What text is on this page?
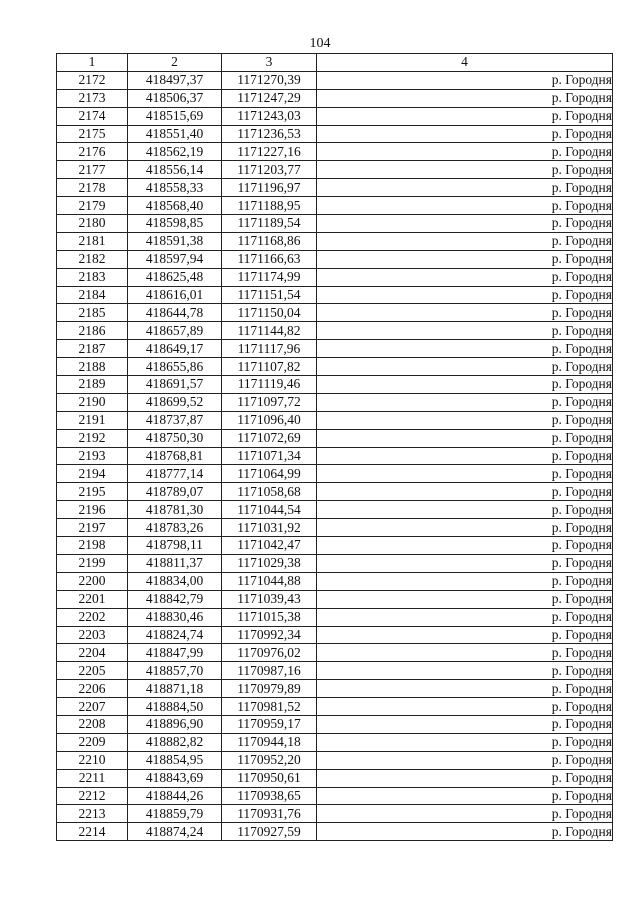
104
1	2	3	4
2172	418497,37	1171270,39	р. Городня
2173	418506,37	1171247,29	р. Городня
2174	418515,69	1171243,03	р. Городня
2175	418551,40	1171236,53	р. Городня
2176	418562,19	1171227,16	р. Городня
2177	418556,14	1171203,77	р. Городня
2178	418558,33	1171196,97	р. Городня
2179	418568,40	1171188,95	р. Городня
2180	418598,85	1171189,54	р. Городня
2181	418591,38	1171168,86	р. Городня
2182	418597,94	1171166,63	р. Городня
2183	418625,48	1171174,99	р. Городня
2184	418616,01	1171151,54	р. Городня
2185	418644,78	1171150,04	р. Городня
2186	418657,89	1171144,82	р. Городня
2187	418649,17	1171117,96	р. Городня
2188	418655,86	1171107,82	р. Городня
2189	418691,57	1171119,46	р. Городня
2190	418699,52	1171097,72	р. Городня
2191	418737,87	1171096,40	р. Городня
2192	418750,30	1171072,69	р. Городня
2193	418768,81	1171071,34	р. Городня
2194	418777,14	1171064,99	р. Городня
2195	418789,07	1171058,68	р. Городня
2196	418781,30	1171044,54	р. Городня
2197	418783,26	1171031,92	р. Городня
2198	418798,11	1171042,47	р. Городня
2199	418811,37	1171029,38	р. Городня
2200	418834,00	1171044,88	р. Городня
2201	418842,79	1171039,43	р. Городня
2202	418830,46	1171015,38	р. Городня
2203	418824,74	1170992,34	р. Городня
2204	418847,99	1170976,02	р. Городня
2205	418857,70	1170987,16	р. Городня
2206	418871,18	1170979,89	р. Городня
2207	418884,50	1170981,52	р. Городня
2208	418896,90	1170959,17	р. Городня
2209	418882,82	1170944,18	р. Городня
2210	418854,95	1170952,20	р. Городня
2211	418843,69	1170950,61	р. Городня
2212	418844,26	1170938,65	р. Городня
2213	418859,79	1170931,76	р. Городня
2214	418874,24	1170927,59	р. Городня
